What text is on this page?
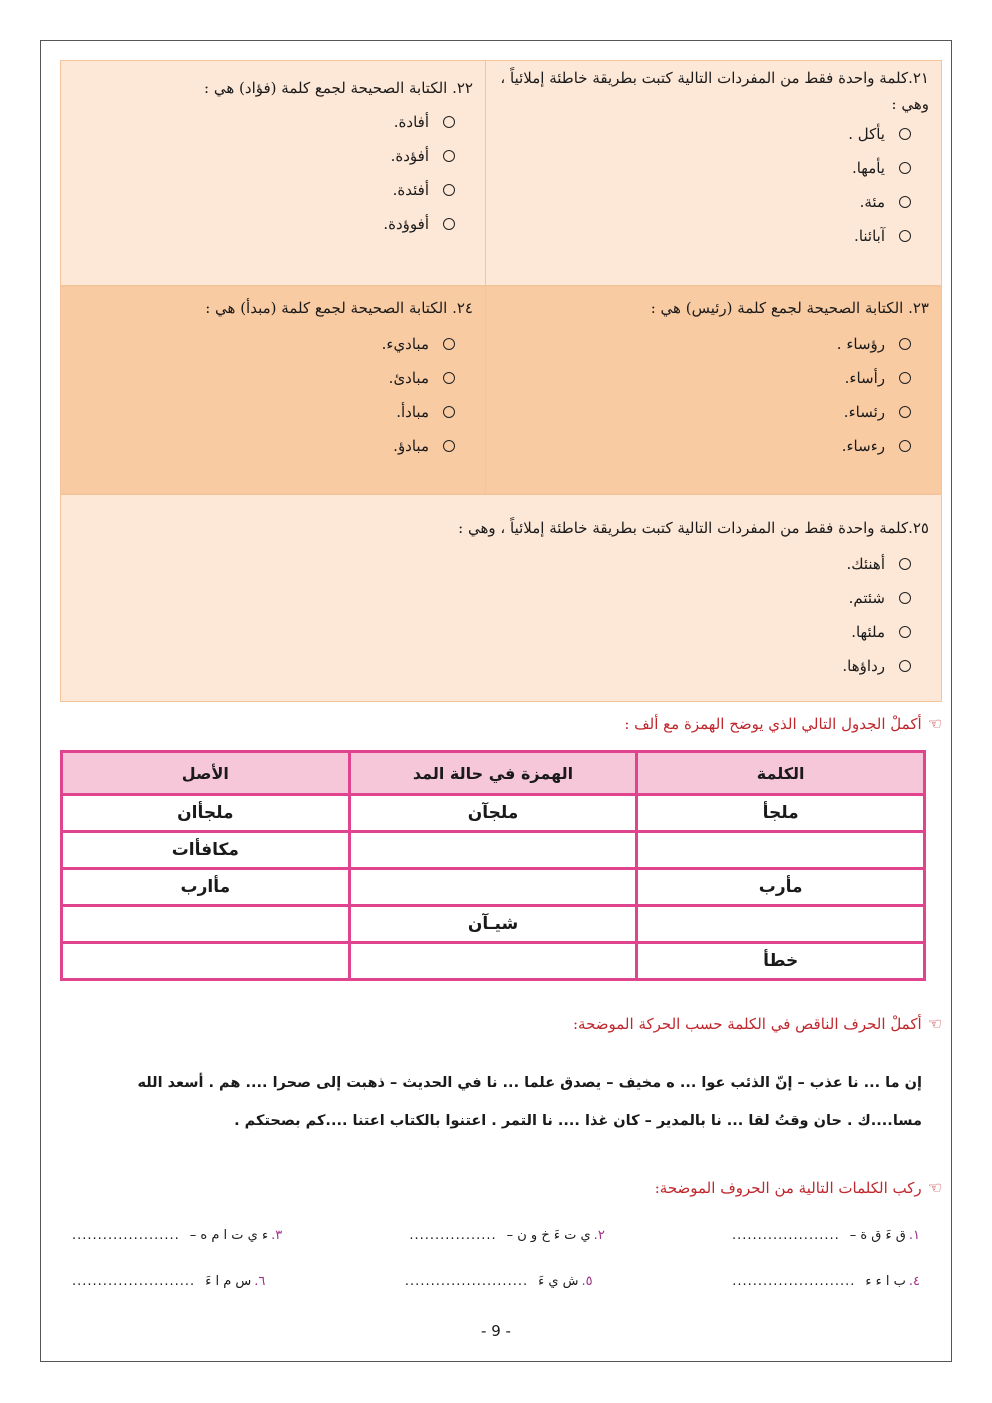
٢١.كلمة واحدة فقط من المفردات التالية كتبت بطريقة خاطئة إملائياً ، وهي :
يأكل .
يأمها.
مئة.
آبائنا.
٢٢. الكتابة الصحيحة لجمع كلمة (فؤاد) هي :
أفادة.
أفؤدة.
أفئدة.
أفوؤدة.
٢٣. الكتابة الصحيحة لجمع كلمة (رئيس) هي :
رؤساء .
رأساء.
رئساء.
رءساء.
٢٤. الكتابة الصحيحة لجمع كلمة (مبدأ) هي :
مباديء.
مبادئ.
مبادأ.
مبادؤ.
٢٥.كلمة واحدة فقط من المفردات التالية كتبت بطريقة خاطئة إملائياً ، وهي :
أهنئك.
شئتم.
ملئها.
رداؤها.
☜
أكملْ الجدول التالي الذي يوضح الهمزة مع ألف :
الكلمة	الهمزة في حالة المد	الأصل
ملجأ	ملجآن	ملجأان
		مكافأات
مأرب		مأارب
	شيـآن	
خطأ		
☜
أكملْ الحرف الناقص في الكلمة حسب الحركة الموضحة:
إن ما ... نا عذب – إنّ الذئب عوا ... ه مخيف – يصدق علما ... نا في الحديث – ذهبت إلى صحرا .... هم . أسعد الله
مسا....ك . حان وقتُ لقا ... نا بالمدير – كان غذا .... نا التمر . اعتنوا بالكتاب اعتنا ....كم بصحتكم .
☜
ركب الكلمات التالية من الحروف الموضحة:
١.
ق ءَ ق ة –
.....................
٢.
ي ت ءَ خ و ن –
.................
٣.
ء ي ت ا م ه –
.....................
٤.
ب ا ء ء
........................
٥.
ش ي ءَ
........................
٦.
س م ا ءَ
........................
- 9 -
